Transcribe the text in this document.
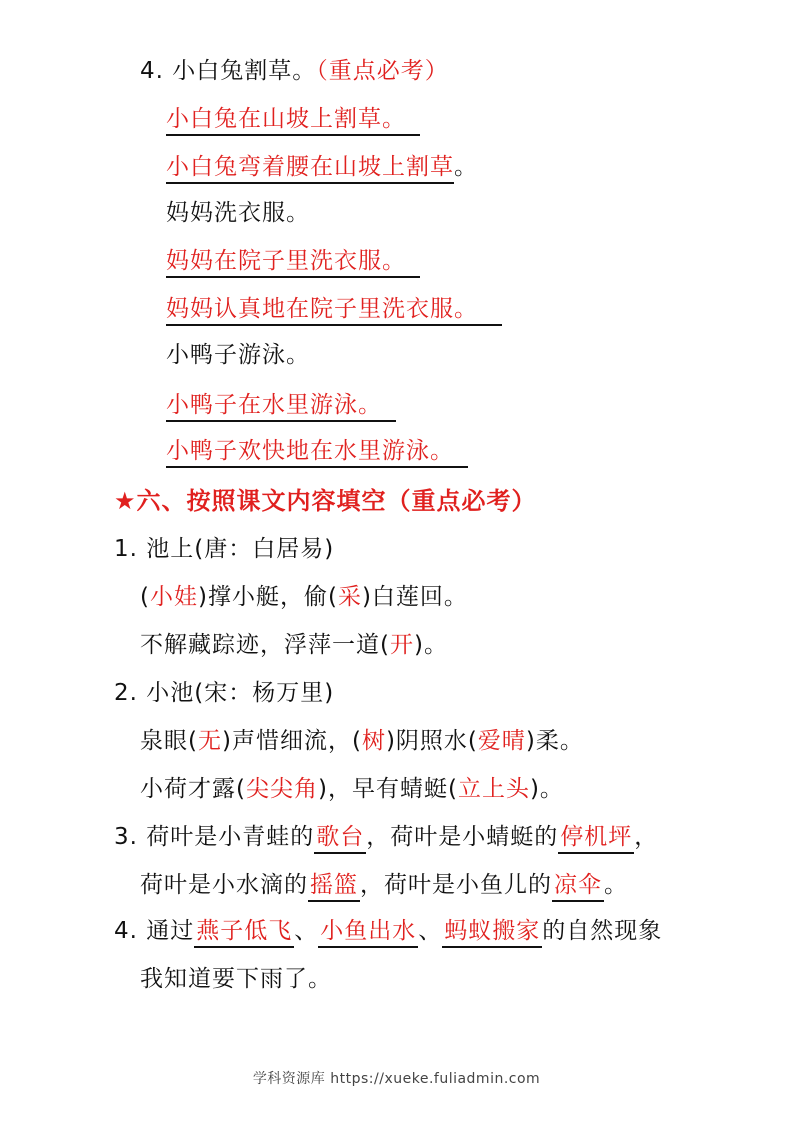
4. 小白兔割草。（重点必考）
小白兔在山坡上割草。
小白兔弯着腰在山坡上割草。
妈妈洗衣服。
妈妈在院子里洗衣服。
妈妈认真地在院子里洗衣服。
小鸭子游泳。
小鸭子在水里游泳。
小鸭子欢快地在水里游泳。
★六、按照课文内容填空（重点必考）
1. 池上(唐：白居易)
(小娃)撑小艇，偷(采)白莲回。
不解藏踪迹，浮萍一道(开)。
2. 小池(宋：杨万里)
泉眼(无)声惜细流，(树)阴照水(爱晴)柔。
小荷才露(尖尖角)，早有蜻蜓(立上头)。
3. 荷叶是小青蛙的歌台，荷叶是小蜻蜓的停机坪，
荷叶是小水滴的摇篮，荷叶是小鱼儿的凉伞。
4. 通过燕子低飞、小鱼出水、蚂蚁搬家的自然现象
我知道要下雨了。
学科资源库 https://xueke.fuliadmin.com
